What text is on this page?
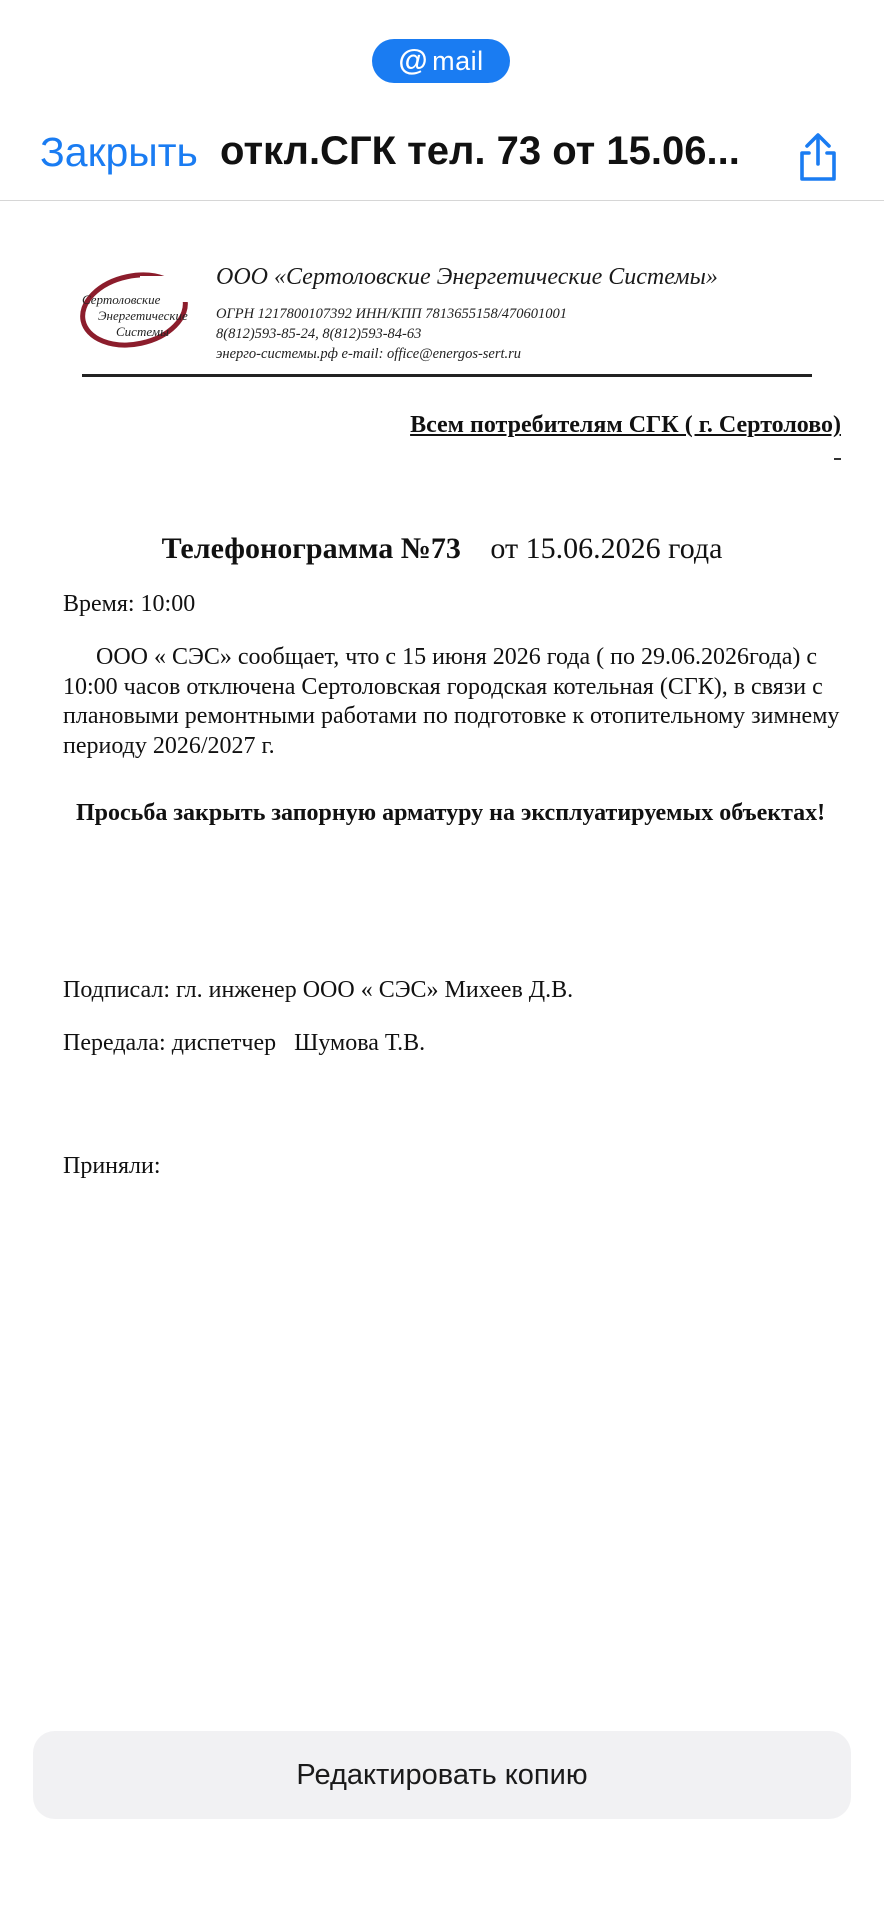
@ mail
Закрыть откл.СГК тел. 73 от 15.06...
Сертоловские
Энергетические
Системы
ООО «Сертоловские Энергетические Системы»
ОГРН 1217800107392 ИНН/КПП 7813655158/470601001
8(812)593-85-24, 8(812)593-84-63
энерго-системы.рф e-mail: office@energos-sert.ru
Всем потребителям СГК ( г. Сертолово)
Телефонограмма №73 от 15.06.2026 года
Время: 10:00
ООО « СЭС» сообщает, что с 15 июня 2026 года ( по 29.06.2026года) с 10:00 часов отключена Сертоловская городская котельная (СГК), в связи с плановыми ремонтными работами по подготовке к отопительному зимнему периоду 2026/2027 г.
Просьба закрыть запорную арматуру на эксплуатируемых объектах!
Подписал: гл. инженер ООО « СЭС» Михеев Д.В.
Передала: диспетчер   Шумова Т.В.
Приняли:
Редактировать копию
